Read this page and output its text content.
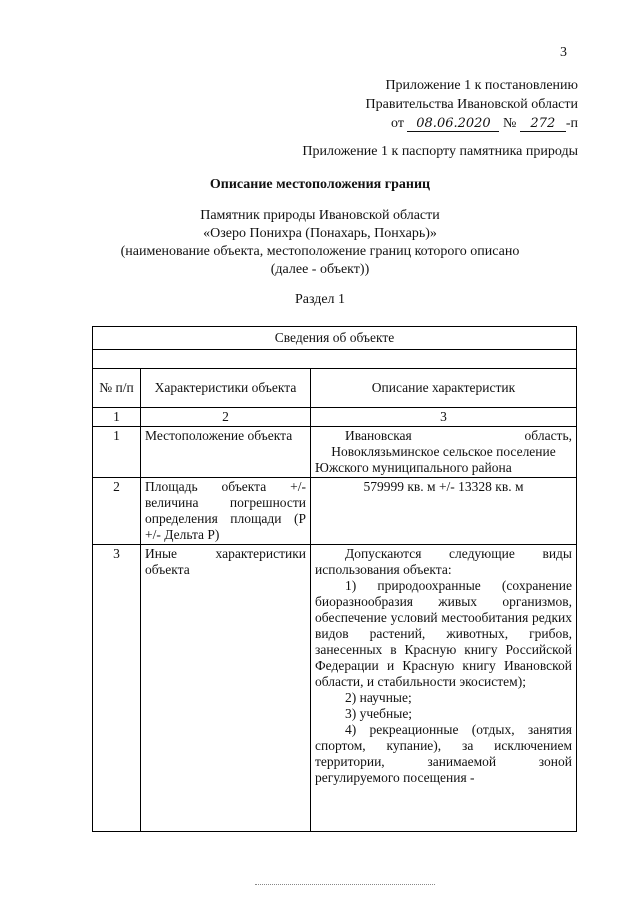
3
Приложение 1 к постановлению
Правительства Ивановской области
от 08.06.2020 № 272 -п
Приложение 1 к паспорту памятника природы
Описание местоположения границ
Памятник природы Ивановской области
«Озеро Понихра (Понахарь, Понхарь)»
(наименование объекта, местоположение границ которого описано
(далее - объект))
Раздел 1
Сведения об объекте		

№ п/п	Характеристики объекта	Описание характеристик
1	2	3
1	Местоположение объекта	Ивановская область,
Новоклязьминское сельское поселение
Южского муниципального района

2	Площадь объекта +/- величина погрешности определения площади (Р +/- Дельта Р)	579999 кв. м +/- 13328 кв. м
3	Иные характеристики объекта	Допускаются следующие виды использования объекта:
1) природоохранные (сохранение биоразнообразия живых организмов, обеспечение условий местообитания редких видов растений, животных, грибов, занесенных в Красную книгу Российской Федерации и Красную книгу Ивановской области, и стабильности экосистем);
2) научные;
3) учебные;
4) рекреационные (отдых, занятия спортом, купание), за исключением территории, занимаемой зоной регулируемого посещения -
